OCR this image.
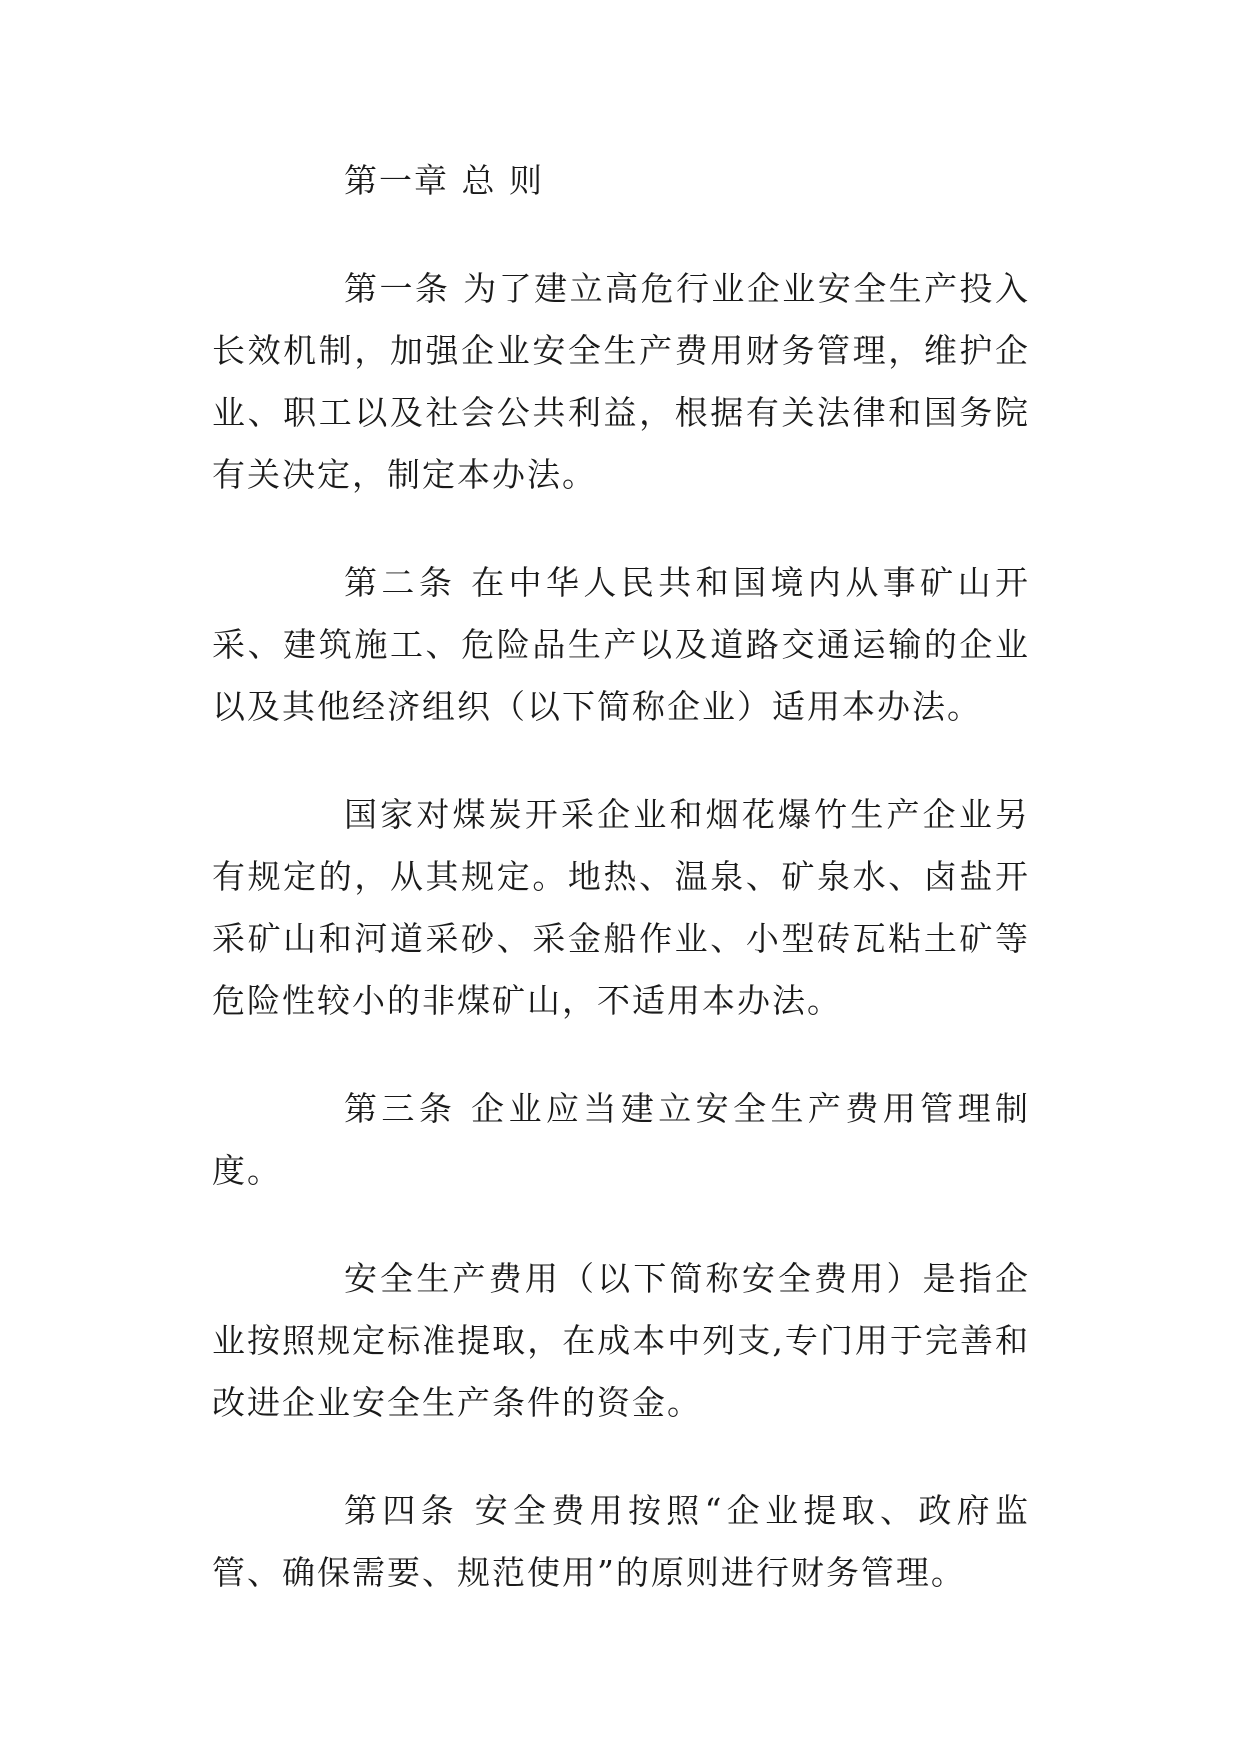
第一章 总 则

第一条 为了建立高危行业企业安全生产投入长效机制，加强企业安全生产费用财务管理，维护企业、职工以及社会公共利益，根据有关法律和国务院有关决定，制定本办法。

第二条 在中华人民共和国境内从事矿山开采、建筑施工、危险品生产以及道路交通运输的企业以及其他经济组织（以下简称企业）适用本办法。

国家对煤炭开采企业和烟花爆竹生产企业另有规定的，从其规定。地热、温泉、矿泉水、卤盐开采矿山和河道采砂、采金船作业、小型砖瓦粘土矿等危险性较小的非煤矿山，不适用本办法。

第三条 企业应当建立安全生产费用管理制度。

安全生产费用（以下简称安全费用）是指企业按照规定标准提取，在成本中列支,专门用于完善和改进企业安全生产条件的资金。

第四条 安全费用按照“企业提取、政府监管、确保需要、规范使用”的原则进行财务管理。
